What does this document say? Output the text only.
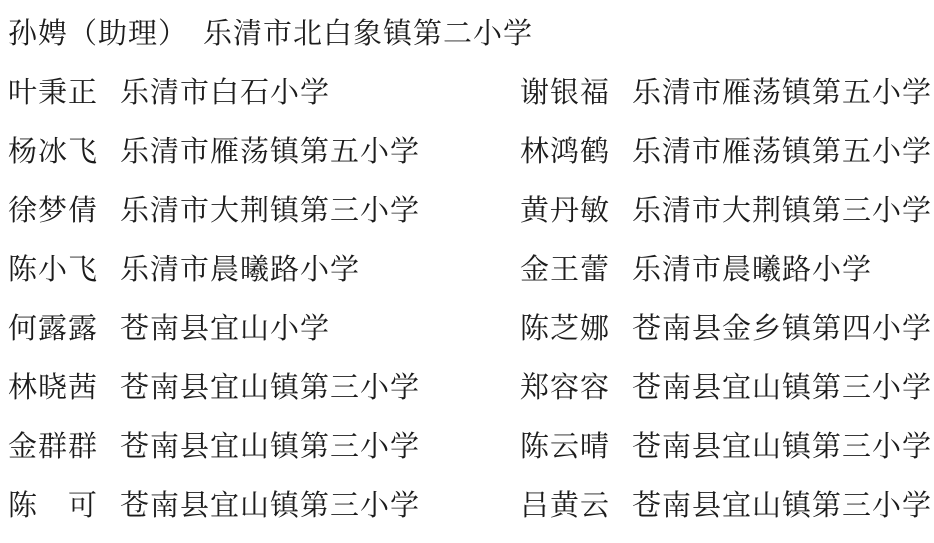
孙娉（助理） 乐清市北白象镇第二小学
叶秉正 乐清市白石小学	谢银福 乐清市雁荡镇第五小学
杨冰飞 乐清市雁荡镇第五小学	林鸿鹤 乐清市雁荡镇第五小学
徐梦倩 乐清市大荆镇第三小学	黄丹敏 乐清市大荆镇第三小学
陈小飞 乐清市晨曦路小学	金王蕾 乐清市晨曦路小学
何露露 苍南县宜山小学	陈芝娜 苍南县金乡镇第四小学
林晓茜 苍南县宜山镇第三小学	郑容容 苍南县宜山镇第三小学
金群群 苍南县宜山镇第三小学	陈云晴 苍南县宜山镇第三小学
陈　可 苍南县宜山镇第三小学	吕黄云 苍南县宜山镇第三小学
